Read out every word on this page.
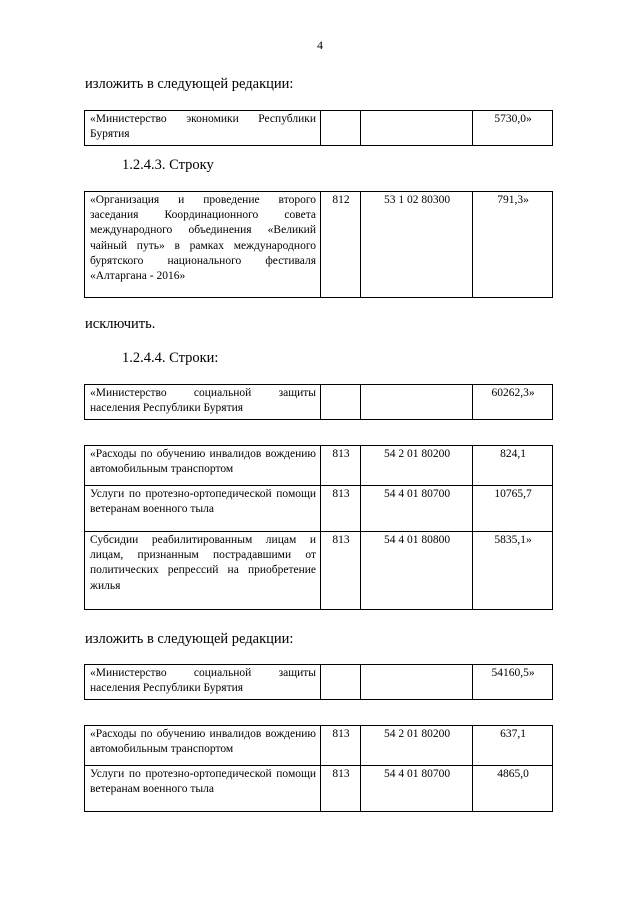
4
изложить в следующей редакции:
«Министерство экономики Республики Бурятия			5730,0»
1.2.4.3. Строку
«Организация и проведение второго заседания Координационного совета международного объединения «Великий чайный путь» в рамках международного бурятского национального фестиваля «Алтаргана - 2016»	812	53 1 02 80300	791,3»
исключить.
1.2.4.4. Строки:
«Министерство социальной защиты населения Республики Бурятия			60262,3»
«Расходы по обучению инвалидов вождению автомобильным транспортом	813	54 2 01 80200	824,1
Услуги по протезно-ортопедической помощи ветеранам военного тыла	813	54 4 01 80700	10765,7
Субсидии реабилитированным лицам и лицам, признанным пострадавшими от политических репрессий на приобретение жилья	813	54 4 01 80800	5835,1»
изложить в следующей редакции:
«Министерство социальной защиты населения Республики Бурятия			54160,5»
«Расходы по обучению инвалидов вождению автомобильным транспортом	813	54 2 01 80200	637,1
Услуги по протезно-ортопедической помощи ветеранам военного тыла	813	54 4 01 80700	4865,0
